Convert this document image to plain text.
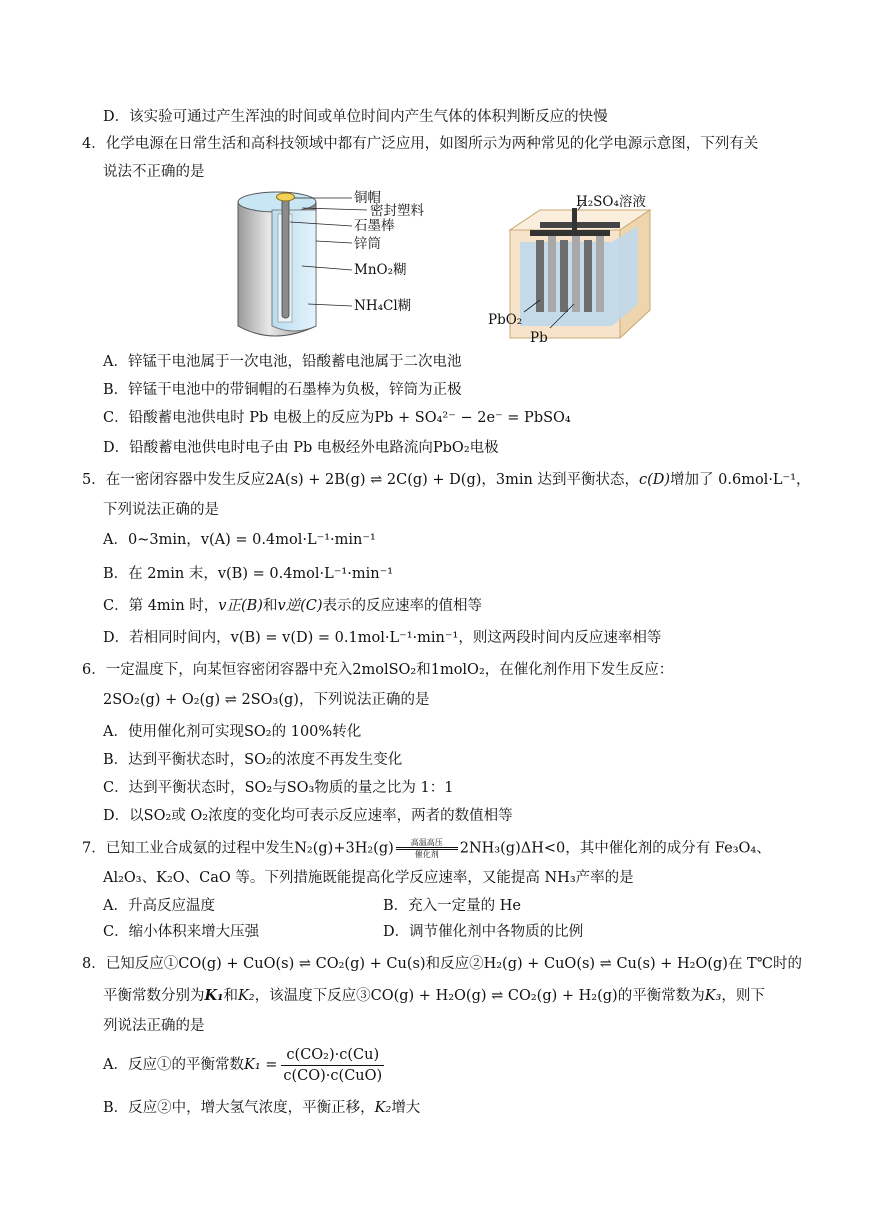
D．该实验可通过产生浑浊的时间或单位时间内产生气体的体积判断反应的快慢
4．化学电源在日常生活和高科技领域中都有广泛应用，如图所示为两种常见的化学电源示意图，下列有关
说法不正确的是
铜帽
密封塑料
石墨棒
锌筒
MnO₂糊
NH₄Cl糊
H₂SO₄溶液
PbO₂
Pb
A．锌锰干电池属于一次电池，铅酸蓄电池属于二次电池
B．锌锰干电池中的带铜帽的石墨棒为负极，锌筒为正极
C．铅酸蓄电池供电时 Pb 电极上的反应为Pb + SO₄²⁻ − 2e⁻ = PbSO₄
D．铅酸蓄电池供电时电子由 Pb 电极经外电路流向PbO₂电极
5．在一密闭容器中发生反应2A(s) + 2B(g) ⇌ 2C(g) + D(g)，3min 达到平衡状态，c(D)增加了 0.6mol·L⁻¹，
下列说法正确的是
A．0~3min，v(A) = 0.4mol·L⁻¹·min⁻¹
B．在 2min 末，v(B) = 0.4mol·L⁻¹·min⁻¹
C．第 4min 时，v正(B)和v逆(C)表示的反应速率的值相等
D．若相同时间内，v(B) = v(D) = 0.1mol·L⁻¹·min⁻¹，则这两段时间内反应速率相等
6．一定温度下，向某恒容密闭容器中充入2molSO₂和1molO₂，在催化剂作用下发生反应：
2SO₂(g) + O₂(g) ⇌ 2SO₃(g)，下列说法正确的是
A．使用催化剂可实现SO₂的 100%转化
B．达到平衡状态时，SO₂的浓度不再发生变化
C．达到平衡状态时，SO₂与SO₃物质的量之比为 1：1
D．以SO₂或 O₂浓度的变化均可表示反应速率，两者的数值相等
7．已知工业合成氨的过程中发生N₂(g)+3H₂(g)	高温高压
催化剂	2NH₃(g)ΔH<0，其中催化剂的成分有 Fe₃O₄、
Al₂O₃、K₂O、CaO 等。下列措施既能提高化学反应速率，又能提高 NH₃产率的是
A．升高反应温度	B．充入一定量的 He
C．缩小体积来增大压强	D．调节催化剂中各物质的比例
8．已知反应①CO(g) + CuO(s) ⇌ CO₂(g) + Cu(s)和反应②H₂(g) + CuO(s) ⇌ Cu(s) + H₂O(g)在 T℃时的
平衡常数分别为K₁和K₂，该温度下反应③CO(g) + H₂O(g) ⇌ CO₂(g) + H₂(g)的平衡常数为K₃，则下
列说法正确的是
A．反应①的平衡常数$K_1 = \frac{\text{c(CO₂)·c(Cu)}}{\text{c(CO)·c(CuO)}}$
B．反应②中，增大氢气浓度，平衡正移，K₂增大
